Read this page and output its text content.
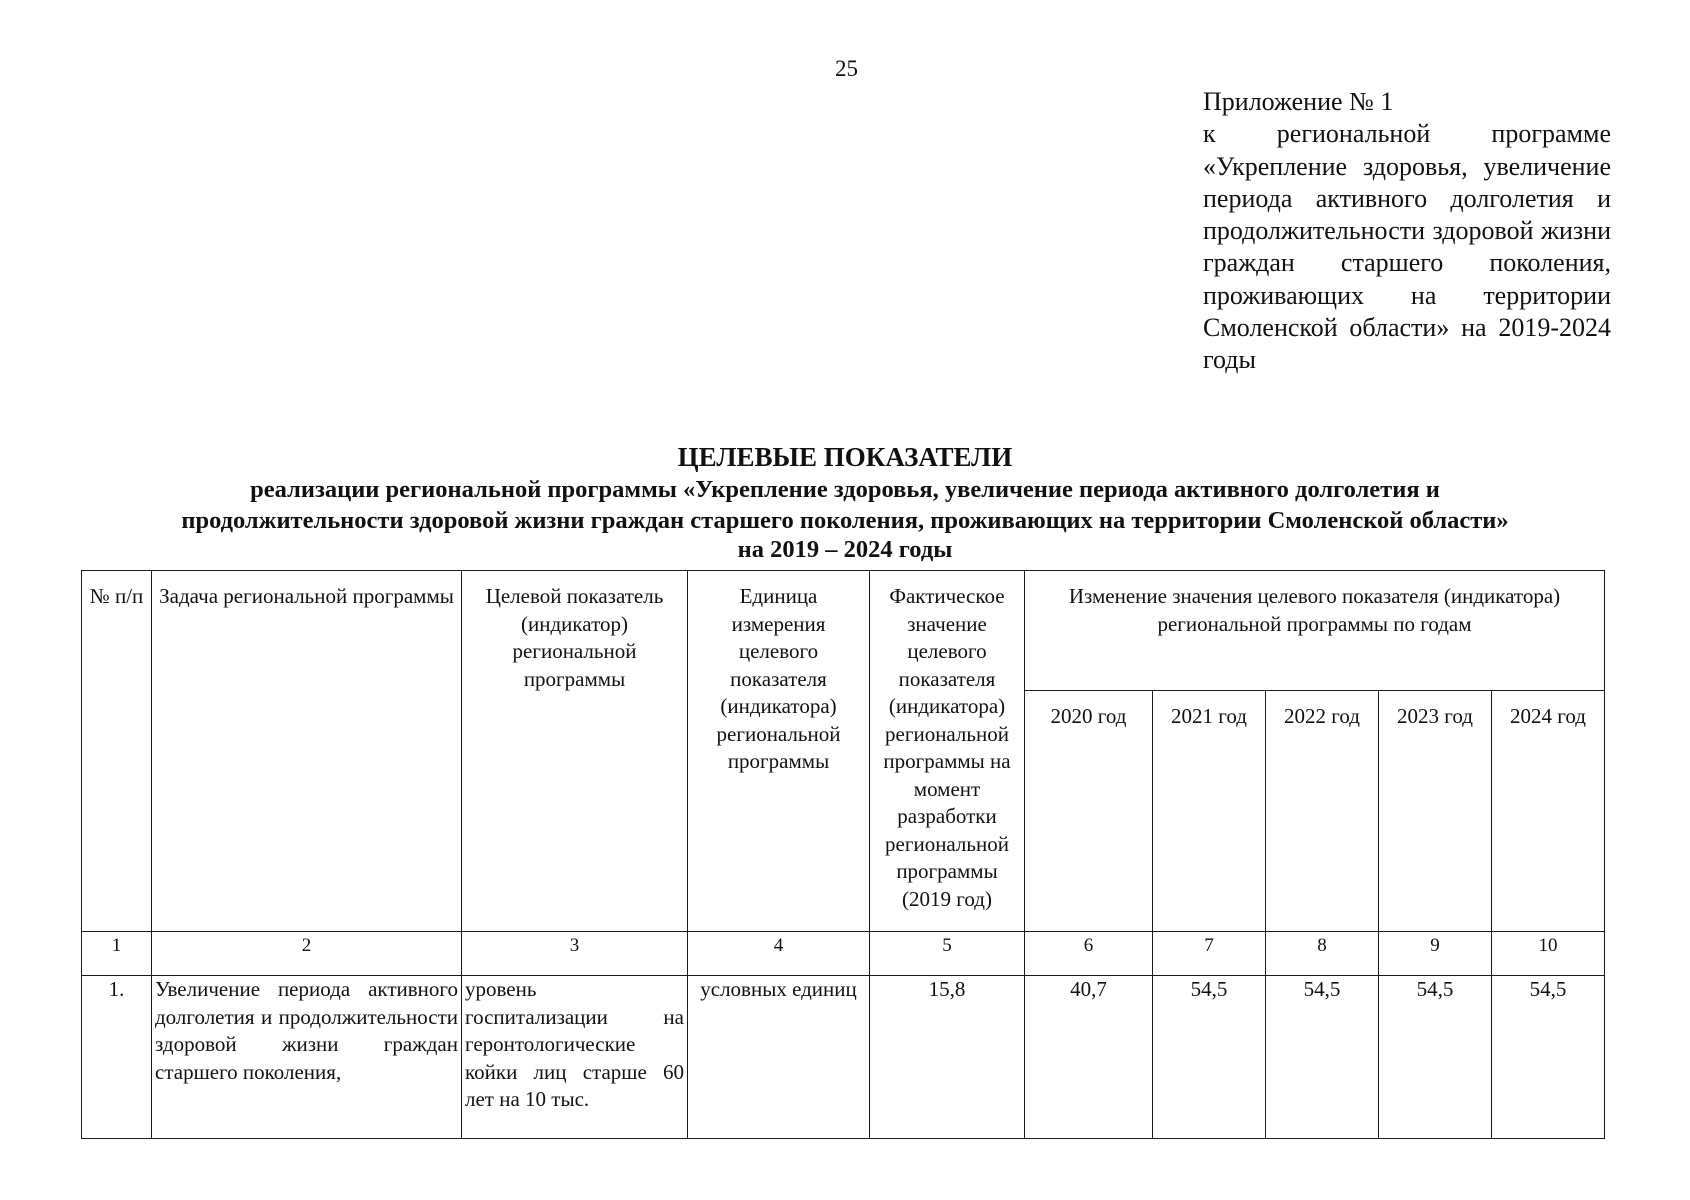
25
Приложение № 1
к региональной программе «Укрепление здоровья, увеличение периода активного долголетия и продолжительности здоровой жизни граждан старшего поколения, проживающих на территории Смоленской области» на 2019-2024 годы
ЦЕЛЕВЫЕ ПОКАЗАТЕЛИ
реализации региональной программы «Укрепление здоровья, увеличение периода активного долголетия и
продолжительности здоровой жизни граждан старшего поколения, проживающих на территории Смоленской области»
на 2019 – 2024 годы
№ п/п	Задача региональной программы	Целевой показатель (индикатор) региональной программы	Единица измерения целевого показателя (индикатора) региональной программы	Фактическое значение целевого показателя (индикатора) региональной программы на момент разработки региональной программы (2019 год)	Изменение значения целевого показателя (индикатора) региональной программы по годам				
					2020 год	2021 год	2022 год	2023 год	2024 год
1	2	3	4	5	6	7	8	9	10
1.	Увеличение периода активного долголетия и продолжительности здоровой жизни граждан старшего поколения,	уровень госпитализации на геронтологические койки лиц старше 60 лет на 10 тыс.	условных единиц	15,8	40,7	54,5	54,5	54,5	54,5
